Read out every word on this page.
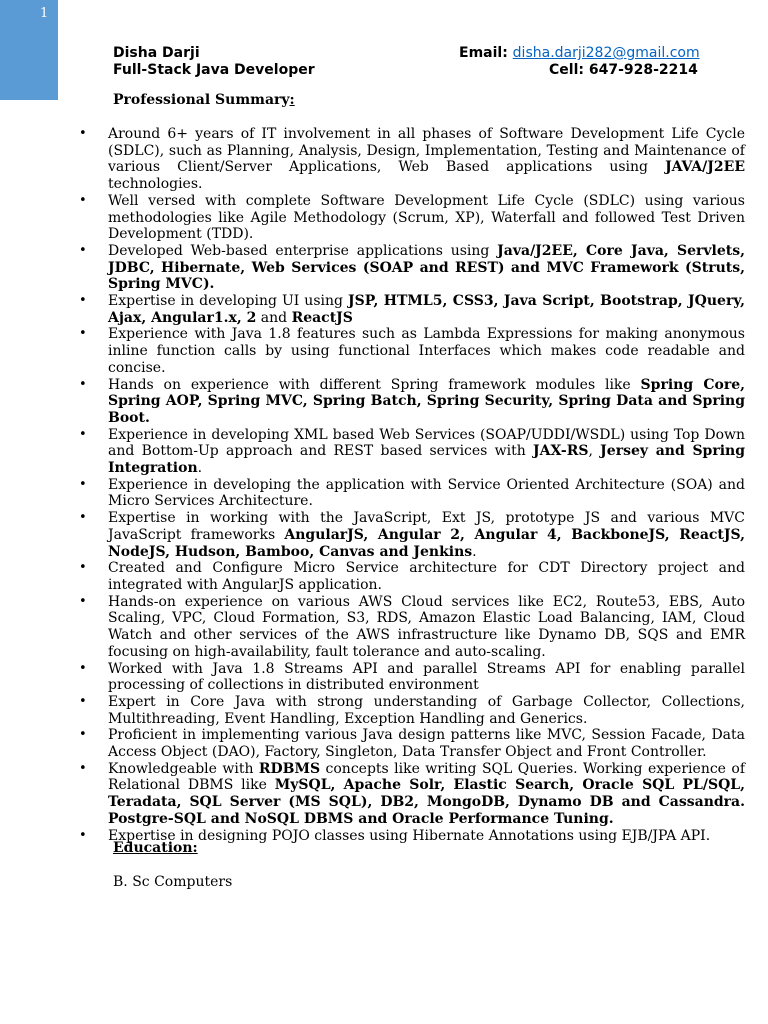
1
Disha Darji
Full-Stack Java Developer
Email: disha.darji282@gmail.com
Cell: 647-928-2214
Professional Summary:
• Around 6+ years of IT involvement in all phases of Software Development Life Cycle (SDLC), such as Planning, Analysis, Design, Implementation, Testing and Maintenance of various Client/Server Applications, Web Based applications using JAVA/J2EE technologies.
• Well versed with complete Software Development Life Cycle (SDLC) using various methodologies like Agile Methodology (Scrum, XP), Waterfall and followed Test Driven Development (TDD).
• Developed Web-based enterprise applications using Java/J2EE, Core Java, Servlets, JDBC, Hibernate, Web Services (SOAP and REST) and MVC Framework (Struts, Spring MVC).
• Expertise in developing UI using JSP, HTML5, CSS3, Java Script, Bootstrap, JQuery, Ajax, Angular1.x, 2 and ReactJS
• Experience with Java 1.8 features such as Lambda Expressions for making anonymous inline function calls by using functional Interfaces which makes code readable and concise.
• Hands on experience with different Spring framework modules like Spring Core, Spring AOP, Spring MVC, Spring Batch, Spring Security, Spring Data and Spring Boot.
• Experience in developing XML based Web Services (SOAP/UDDI/WSDL) using Top Down and Bottom-Up approach and REST based services with JAX-RS, Jersey and Spring Integration.
• Experience in developing the application with Service Oriented Architecture (SOA) and Micro Services Architecture.
• Expertise in working with the JavaScript, Ext JS, prototype JS and various MVC JavaScript frameworks AngularJS, Angular 2, Angular 4, BackboneJS, ReactJS, NodeJS, Hudson, Bamboo, Canvas and Jenkins.
• Created and Configure Micro Service architecture for CDT Directory project and integrated with AngularJS application.
• Hands-on experience on various AWS Cloud services like EC2, Route53, EBS, Auto Scaling, VPC, Cloud Formation, S3, RDS, Amazon Elastic Load Balancing, IAM, Cloud Watch and other services of the AWS infrastructure like Dynamo DB, SQS and EMR focusing on high-availability, fault tolerance and auto-scaling.
• Worked with Java 1.8 Streams API and parallel Streams API for enabling parallel processing of collections in distributed environment
• Expert in Core Java with strong understanding of Garbage Collector, Collections, Multithreading, Event Handling, Exception Handling and Generics.
• Proficient in implementing various Java design patterns like MVC, Session Facade, Data Access Object (DAO), Factory, Singleton, Data Transfer Object and Front Controller.
• Knowledgeable with RDBMS concepts like writing SQL Queries. Working experience of Relational DBMS like MySQL, Apache Solr, Elastic Search, Oracle SQL PL/SQL, Teradata, SQL Server (MS SQL), DB2, MongoDB, Dynamo DB and Cassandra. Postgre-SQL and NoSQL DBMS and Oracle Performance Tuning.
• Expertise in designing POJO classes using Hibernate Annotations using EJB/JPA API.
Education:
B. Sc Computers
